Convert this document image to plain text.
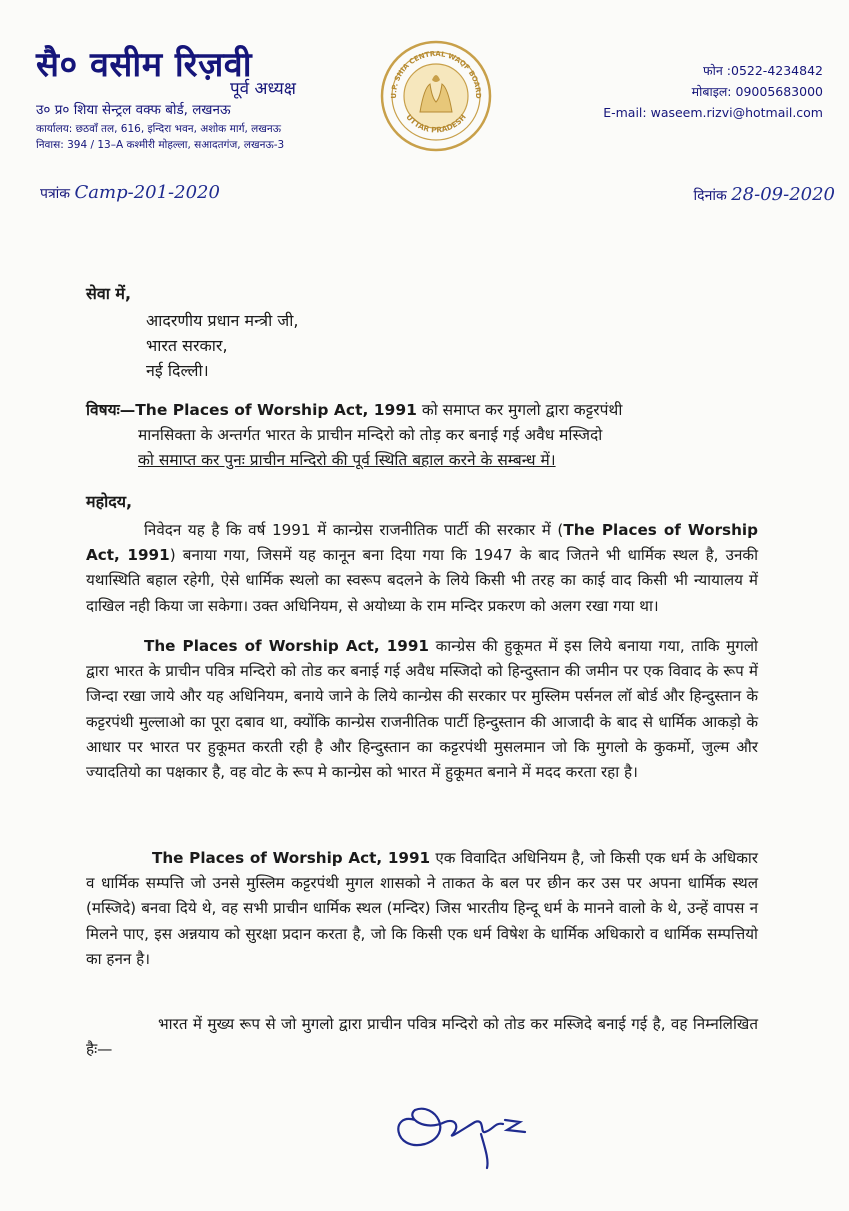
सै० वसीम रिज़वी
पूर्व अध्यक्ष
उ० प्र० शिया सेन्ट्रल वक्फ बोर्ड, लखनऊ
कार्यालय: छठवाँ तल, 616, इन्दिरा भवन, अशोक मार्ग, लखनऊ
निवास: 394 / 13–A कश्मीरी मोहल्ला, सआदतगंज, लखनऊ-3
U.P. SHIA CENTRAL WAQF BOARD
UTTAR PRADESH
फोन :0522-4234842
मोबाइल: 09005683000
E-mail: waseem.rizvi@hotmail.com
पत्रांक Camp-201-2020	दिनांक 28-09-2020
सेवा में,
आदरणीय प्रधान मन्त्री जी,
भारत सरकार,
नई दिल्ली।
विषयः—The Places of Worship Act, 1991 को समाप्त कर मुगलो द्वारा कट्टरपंथी
मानसिक्ता के अन्तर्गत भारत के प्राचीन मन्दिरो को तोड़ कर बनाई गई अवैध मस्जिदो
को समाप्त कर पुनः प्राचीन मन्दिरो की पूर्व स्थिति बहाल करने के सम्बन्ध में।
महोदय,
निवेदन यह है कि वर्ष 1991 में कान्ग्रेस राजनीतिक पार्टी की सरकार में (The Places of Worship Act, 1991) बनाया गया, जिसमें यह कानून बना दिया गया कि 1947 के बाद जितने भी धार्मिक स्थल है, उनकी यथास्थिति बहाल रहेगी, ऐसे धार्मिक स्थलो का स्वरूप बदलने के लिये किसी भी तरह का काई वाद किसी भी न्यायालय में दाखिल नही किया जा सकेगा। उक्त अधिनियम, से अयोध्या के राम मन्दिर प्रकरण को अलग रखा गया था।
The Places of Worship Act, 1991 कान्ग्रेस की हुकूमत में इस लिये बनाया गया, ताकि मुगलो द्वारा भारत के प्राचीन पवित्र मन्दिरो को तोड कर बनाई गई अवैध मस्जिदो को हिन्दुस्तान की जमीन पर एक विवाद के रूप में जिन्दा रखा जाये और यह अधिनियम, बनाये जाने के लिये कान्ग्रेस की सरकार पर मुस्लिम पर्सनल लॉ बोर्ड और हिन्दुस्तान के कट्टरपंथी मुल्लाओ का पूरा दबाव था, क्योंकि कान्ग्रेस राजनीतिक पार्टी हिन्दुस्तान की आजादी के बाद से धार्मिक आकड़ो के आधार पर भारत पर हुकूमत करती रही है और हिन्दुस्तान का कट्टरपंथी मुसलमान जो कि मुगलो के कुकर्मो, जुल्म और ज्यादतियो का पक्षकार है, वह वोट के रूप मे कान्ग्रेस को भारत में हुकूमत बनाने में मदद करता रहा है।
The Places of Worship Act, 1991 एक विवादित अधिनियम है, जो किसी एक धर्म के अधिकार व धार्मिक सम्पत्ति जो उनसे मुस्लिम कट्टरपंथी मुगल शासको ने ताकत के बल पर छीन कर उस पर अपना धार्मिक स्थल (मस्जिदे) बनवा दिये थे, वह सभी प्राचीन धार्मिक स्थल (मन्दिर) जिस भारतीय हिन्दू धर्म के मानने वालो के थे, उन्हें वापस न मिलने पाए, इस अन्नयाय को सुरक्षा प्रदान करता है, जो कि किसी एक धर्म विषेश के धार्मिक अधिकारो व धार्मिक सम्पत्तियो का हनन है।
भारत में मुख्य रूप से जो मुगलो द्वारा प्राचीन पवित्र मन्दिरो को तोड कर मस्जिदे बनाई गई है, वह निम्नलिखित हैः—
